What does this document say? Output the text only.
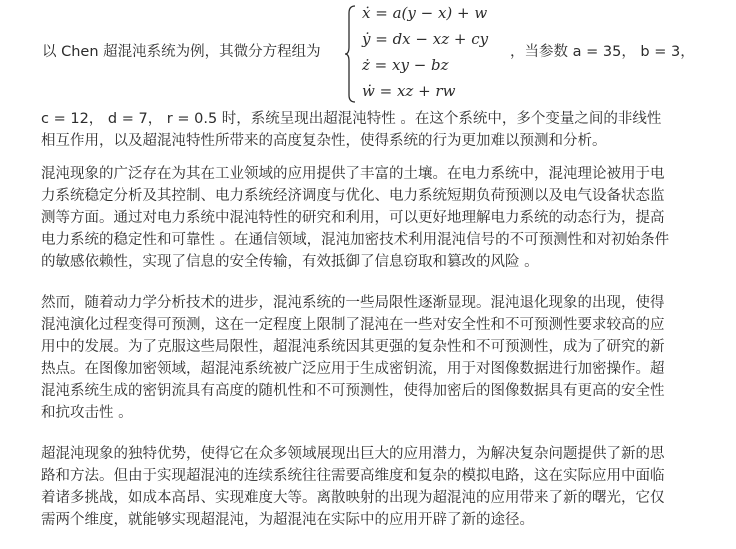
以 Chen 超混沌系统为例，其微分方程组为
ẋ = a(y − x) + w
ẏ = dx − xz + cy
ż = xy − bz
ẇ = xz + rw
，当参数 a = 35， b = 3，
c = 12， d = 7， r = 0.5 时，系统呈现出超混沌特性 。在这个系统中，多个变量之间的非线性
相互作用，以及超混沌特性所带来的高度复杂性，使得系统的行为更加难以预测和分析。
混沌现象的广泛存在为其在工业领域的应用提供了丰富的土壤。在电力系统中，混沌理论被用于电
力系统稳定分析及其控制、电力系统经济调度与优化、电力系统短期负荷预测以及电气设备状态监
测等方面。通过对电力系统中混沌特性的研究和利用，可以更好地理解电力系统的动态行为，提高
电力系统的稳定性和可靠性 。在通信领域，混沌加密技术利用混沌信号的不可预测性和对初始条件
的敏感依赖性，实现了信息的安全传输，有效抵御了信息窃取和篡改的风险 。
然而，随着动力学分析技术的进步，混沌系统的一些局限性逐渐显现。混沌退化现象的出现，使得
混沌演化过程变得可预测，这在一定程度上限制了混沌在一些对安全性和不可预测性要求较高的应
用中的发展。为了克服这些局限性，超混沌系统因其更强的复杂性和不可预测性，成为了研究的新
热点。在图像加密领域，超混沌系统被广泛应用于生成密钥流，用于对图像数据进行加密操作。超
混沌系统生成的密钥流具有高度的随机性和不可预测性，使得加密后的图像数据具有更高的安全性
和抗攻击性 。
超混沌现象的独特优势，使得它在众多领域展现出巨大的应用潜力，为解决复杂问题提供了新的思
路和方法。但由于实现超混沌的连续系统往往需要高维度和复杂的模拟电路，这在实际应用中面临
着诸多挑战，如成本高昂、实现难度大等。离散映射的出现为超混沌的应用带来了新的曙光，它仅
需两个维度，就能够实现超混沌，为超混沌在实际中的应用开辟了新的途径。
